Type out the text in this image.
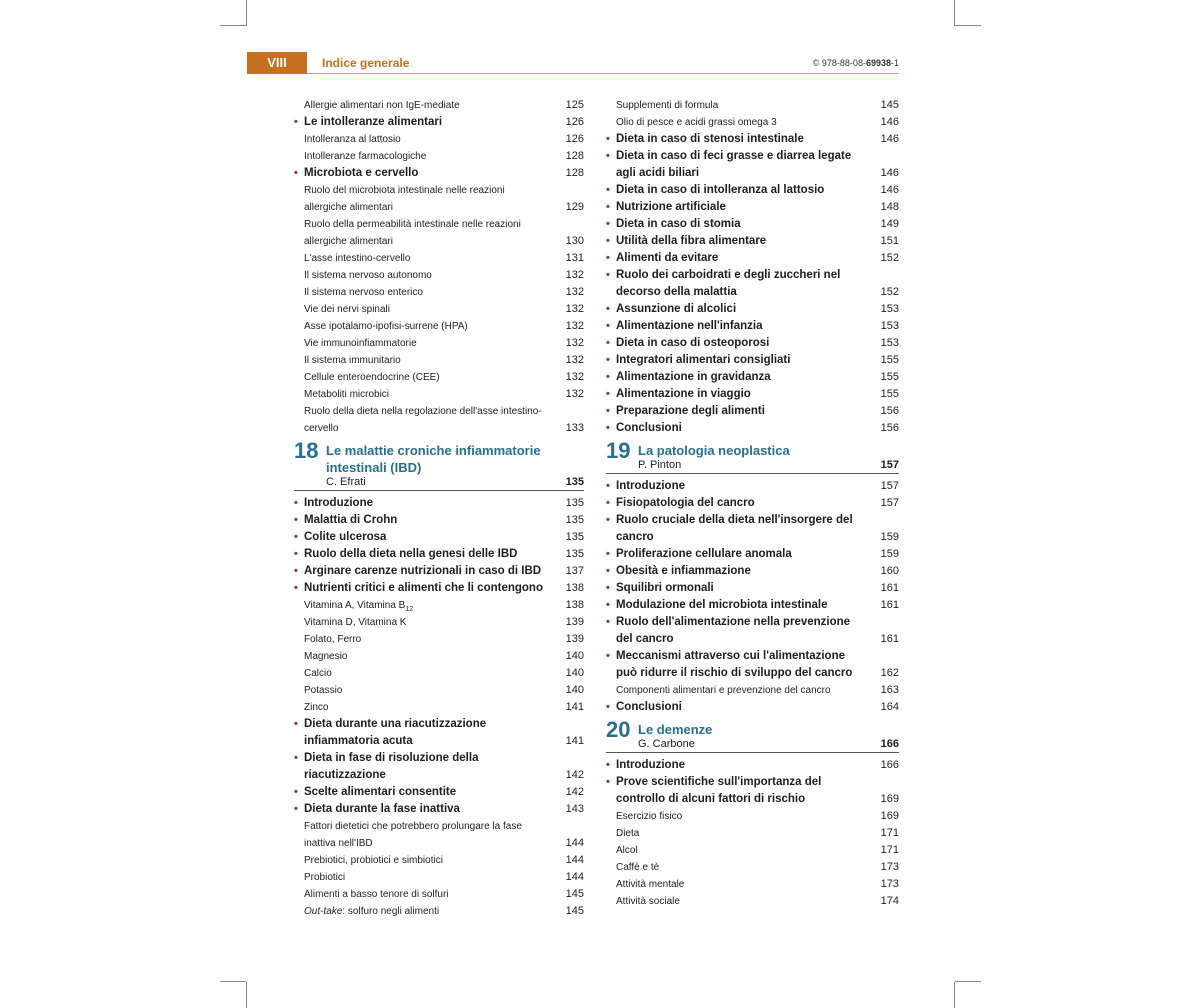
VIII	Indice generale	© 978-88-08-69938-1
Allergie alimentari non IgE-mediate	125
• Le intolleranze alimentari	126
Intolleranza al lattosio	126
Intolleranze farmacologiche	128
• Microbiota e cervello	128
Ruolo del microbiota intestinale nelle reazioni allergiche alimentari	129
Ruolo della permeabilità intestinale nelle reazioni allergiche alimentari	130
L'asse intestino-cervello	131
Il sistema nervoso autonomo	132
Il sistema nervoso enterico	132
Vie dei nervi spinali	132
Asse ipotalamo-ipofisi-surrene (HPA)	132
Vie immunoinfiammatorie	132
Il sistema immunitario	132
Cellule enteroendocrine (CEE)	132
Metaboliti microbici	132
Ruolo della dieta nella regolazione dell'asse intestino-cervello	133
18 Le malattie croniche infiammatorie intestinali (IBD)
C. Efrati	135
• Introduzione	135
• Malattia di Crohn	135
• Colite ulcerosa	135
• Ruolo della dieta nella genesi delle IBD	135
• Arginare carenze nutrizionali in caso di IBD	137
• Nutrienti critici e alimenti che li contengono	138
Vitamina A, Vitamina $B_{12}$	138
Vitamina D, Vitamina K	139
Folato, Ferro	139
Magnesio	140
Calcio	140
Potassio	140
Zinco	141
• Dieta durante una riacutizzazione infiammatoria acuta	141
• Dieta in fase di risoluzione della riacutizzazione	142
• Scelte alimentari consentite	142
• Dieta durante la fase inattiva	143
Fattori dietetici che potrebbero prolungare la fase inattiva nell'IBD	144
Prebiotici, probiotici e simbiotici	144
Probiotici	144
Alimenti a basso tenore di solfuri	145
Out-take: solfuro negli alimenti	145
Supplementi di formula	145
Olio di pesce e acidi grassi omega 3	146
• Dieta in caso di stenosi intestinale	146
• Dieta in caso di feci grasse e diarrea legate agli acidi biliari	146
• Dieta in caso di intolleranza al lattosio	146
• Nutrizione artificiale	148
• Dieta in caso di stomia	149
• Utilità della fibra alimentare	151
• Alimenti da evitare	152
• Ruolo dei carboidrati e degli zuccheri nel decorso della malattia	152
• Assunzione di alcolici	153
• Alimentazione nell'infanzia	153
• Dieta in caso di osteoporosi	153
• Integratori alimentari consigliati	155
• Alimentazione in gravidanza	155
• Alimentazione in viaggio	155
• Preparazione degli alimenti	156
• Conclusioni	156
19 La patologia neoplastica
P. Pinton	157
• Introduzione	157
• Fisiopatologia del cancro	157
• Ruolo cruciale della dieta nell'insorgere del cancro	159
• Proliferazione cellulare anomala	159
• Obesità e infiammazione	160
• Squilibri ormonali	161
• Modulazione del microbiota intestinale	161
• Ruolo dell'alimentazione nella prevenzione del cancro	161
• Meccanismi attraverso cui l'alimentazione può ridurre il rischio di sviluppo del cancro	162
Componenti alimentari e prevenzione del cancro	163
• Conclusioni	164
20 Le demenze
G. Carbone	166
• Introduzione	166
• Prove scientifiche sull'importanza del controllo di alcuni fattori di rischio	169
Esercizio fisico	169
Dieta	171
Alcol	171
Caffè e tè	173
Attività mentale	173
Attività sociale	174
